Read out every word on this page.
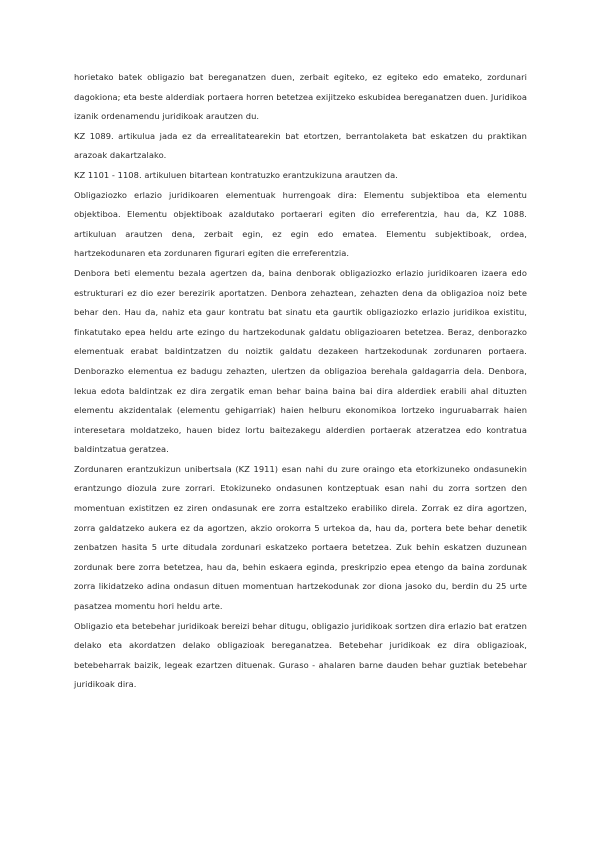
horietako batek obligazio bat bereganatzen duen, zerbait egiteko, ez egiteko edo emateko, zordunari dagokiona; eta beste alderdiak portaera horren betetzea exijitzeko eskubidea bereganatzen duen. Juridikoa izanik ordenamendu juridikoak arautzen du.

KZ 1089. artikulua jada ez da errealitatearekin bat etortzen, berrantolaketa bat eskatzen du praktikan arazoak dakartzalako.

KZ 1101 - 1108. artikuluen bitartean kontratuzko erantzukizuna arautzen da.

Obligaziozko erlazio juridikoaren elementuak hurrengoak dira: Elementu subjektiboa eta elementu objektiboa. Elementu objektiboak azaldutako portaerari egiten dio erreferentzia, hau da, KZ 1088. artikuluan arautzen dena, zerbait egin, ez egin edo ematea. Elementu subjektiboak, ordea, hartzekodunaren eta zordunaren figurari egiten die erreferentzia.

Denbora beti elementu bezala agertzen da, baina denborak obligaziozko erlazio juridikoaren izaera edo estrukturari ez dio ezer berezirik aportatzen. Denbora zehaztean, zehazten dena da obligazioa noiz bete behar den. Hau da, nahiz eta gaur kontratu bat sinatu eta gaurtik obligaziozko erlazio juridikoa existitu, finkatutako epea heldu arte ezingo du hartzekodunak galdatu obligazioaren betetzea. Beraz, denborazko elementuak erabat baldintzatzen du noiztik galdatu dezakeen hartzekodunak zordunaren portaera. Denborazko elementua ez badugu zehazten, ulertzen da obligazioa berehala galdagarria dela. Denbora, lekua edota baldintzak ez dira zergatik eman behar baina baina bai dira alderdiek erabili ahal dituzten elementu akzidentalak (elementu gehigarriak) haien helburu ekonomikoa lortzeko inguruabarrak haien interesetara moldatzeko, hauen bidez lortu baitezakegu alderdien portaerak atzeratzea edo kontratua baldintzatua geratzea.

Zordunaren erantzukizun unibertsala (KZ 1911) esan nahi du zure oraingo eta etorkizuneko ondasunekin erantzungo diozula zure zorrari. Etokizuneko ondasunen kontzeptuak esan nahi du zorra sortzen den momentuan existitzen ez ziren ondasunak ere zorra estaltzeko erabiliko direla. Zorrak ez dira agortzen, zorra galdatzeko aukera ez da agortzen, akzio orokorra 5 urtekoa da, hau da, portera bete behar denetik zenbatzen hasita 5 urte ditudala zordunari eskatzeko portaera betetzea. Zuk behin eskatzen duzunean zordunak bere zorra betetzea, hau da, behin eskaera eginda, preskripzio epea etengo da baina zordunak zorra likidatzeko adina ondasun dituen momentuan hartzekodunak zor diona jasoko du, berdin du 25 urte pasatzea momentu hori heldu arte.

Obligazio eta betebehar juridikoak bereizi behar ditugu, obligazio juridikoak sortzen dira erlazio bat eratzen delako eta akordatzen delako obligazioak bereganatzea. Betebehar juridikoak ez dira obligazioak, betebeharrak baizik, legeak ezartzen dituenak. Guraso - ahalaren barne dauden behar guztiak betebehar juridikoak dira.
